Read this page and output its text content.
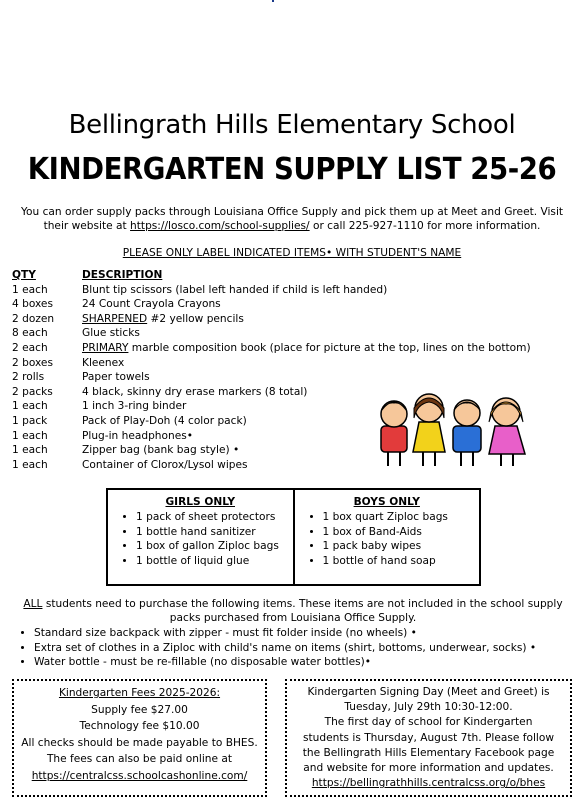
Bellingrath Hills Elementary School
KINDERGARTEN SUPPLY LIST 25-26
You can order supply packs through Louisiana Office Supply and pick them up at Meet and Greet. Visit their website at https://losco.com/school-supplies/ or call 225-927-1110 for more information.
PLEASE ONLY LABEL INDICATED ITEMS• WITH STUDENT'S NAME
QTY	DESCRIPTION
1 each	Blunt tip scissors (label left handed if child is left handed)
4 boxes	24 Count Crayola Crayons
2 dozen	SHARPENED #2 yellow pencils
8 each	Glue sticks
2 each	PRIMARY marble composition book (place for picture at the top, lines on the bottom)
2 boxes	Kleenex
2 rolls	Paper towels
2 packs	4 black, skinny dry erase markers (8 total)
1 each	1 inch 3-ring binder
1 pack	Pack of Play-Doh (4 color pack)
1 each	Plug-in headphones•
1 each	Zipper bag (bank bag style) •
1 each	Container of Clorox/Lysol wipes
GIRLS ONLY
• 1 pack of sheet protectors
• 1 bottle hand sanitizer
• 1 box of gallon Ziploc bags
• 1 bottle of liquid glue
BOYS ONLY
• 1 box quart Ziploc bags
• 1 box of Band-Aids
• 1 pack baby wipes
• 1 bottle of hand soap
ALL students need to purchase the following items. These items are not included in the school supply packs purchased from Louisiana Office Supply.
• Standard size backpack with zipper - must fit folder inside (no wheels) •
• Extra set of clothes in a Ziploc with child's name on items (shirt, bottoms, underwear, socks) •
• Water bottle - must be re-fillable (no disposable water bottles)•
Kindergarten Fees 2025-2026:
Supply fee $27.00
Technology fee $10.00
All checks should be made payable to BHES.
The fees can also be paid online at
https://centralcss.schoolcashonline.com/
Kindergarten Signing Day (Meet and Greet) is
Tuesday, July 29th 10:30-12:00.
The first day of school for Kindergarten
students is Thursday, August 7th. Please follow
the Bellingrath Hills Elementary Facebook page
and website for more information and updates.
https://bellingrathhills.centralcss.org/o/bhes
